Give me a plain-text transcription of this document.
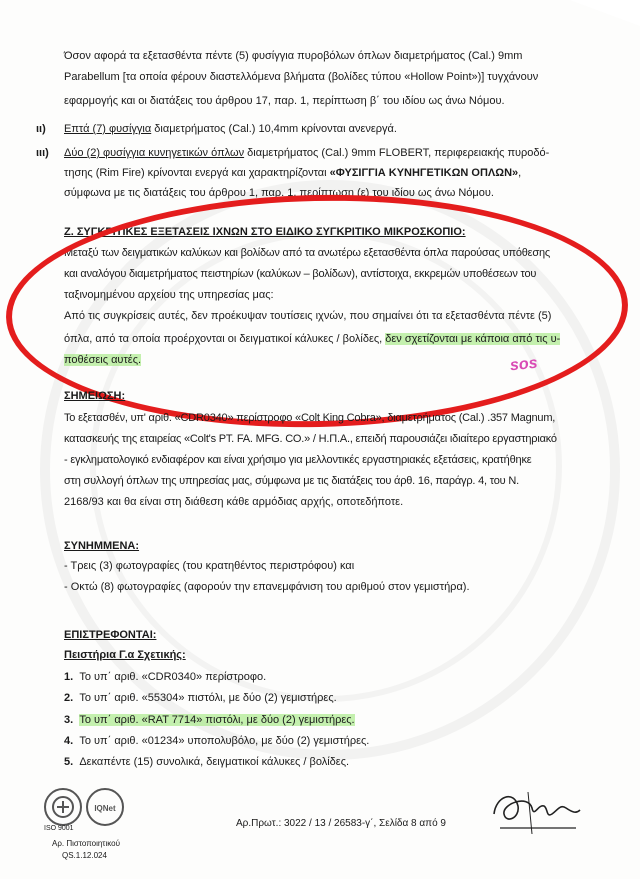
Όσον αφορά τα εξετασθέντα πέντε (5) φυσίγγια πυροβόλων όπλων διαμετρήματος (Cal.) 9mm
Parabellum [τα οποία φέρουν διαστελλόμενα βλήματα (βολίδες τύπου «Hollow Point»)] τυγχάνουν
εφαρμογής και οι διατάξεις του άρθρου 17, παρ. 1, περίπτωση β΄ του ιδίου ως άνω Νόμου.
ιι) Επτά (7) φυσίγγια διαμετρήματος (Cal.) 10,4mm κρίνονται ανενεργά.
ιιι) Δύο (2) φυσίγγια κυνηγετικών όπλων διαμετρήματος (Cal.) 9mm FLOBERT, περιφερειακής πυροδό-
τησης (Rim Fire) κρίνονται ενεργά και χαρακτηρίζονται «ΦΥΣΙΓΓΙΑ ΚΥΝΗΓΕΤΙΚΩΝ ΟΠΛΩΝ»,
σύμφωνα με τις διατάξεις του άρθρου 1, παρ. 1, περίπτωση (ε) του ιδίου ως άνω Νόμου.
Ζ. ΣΥΓΚΡΙΤΙΚΕΣ ΕΞΕΤΑΣΕΙΣ ΙΧΝΩΝ ΣΤΟ ΕΙΔΙΚΟ ΣΥΓΚΡΙΤΙΚΟ ΜΙΚΡΟΣΚΟΠΙΟ:
Μεταξύ των δειγματικών καλύκων και βολίδων από τα ανωτέρω εξετασθέντα όπλα παρούσας υπόθεσης
και αναλόγου διαμετρήματος πειστηρίων (καλύκων – βολίδων), αντίστοιχα, εκκρεμών υποθέσεων του
ταξινομημένου αρχείου της υπηρεσίας μας:
Από τις συγκρίσεις αυτές, δεν προέκυψαν τουτίσεις ιχνών, που σημαίνει ότι τα εξετασθέντα πέντε (5)
όπλα, από τα οποία προέρχονται οι δειγματικοί κάλυκες / βολίδες, δεν σχετίζονται με κάποια από τις υ-
ποθέσεις αυτές.	sos
ΣΗΜΕΙΩΣΗ:
Το εξετασθέν, υπ' αριθ. «CDR0340» περίστροφο «Colt King Cobra», διαμετρήματος (Cal.) .357 Magnum,
κατασκευής της εταιρείας «Colt's PT. FA. MFG. CO.» / Η.Π.Α., επειδή παρουσιάζει ιδιαίτερο εργαστηριακό
- εγκληματολογικό ενδιαφέρον και είναι χρήσιμο για μελλοντικές εργαστηριακές εξετάσεις, κρατήθηκε
στη συλλογή όπλων της υπηρεσίας μας, σύμφωνα με τις διατάξεις του άρθ. 16, παράγρ. 4, του Ν.
2168/93 και θα είναι στη διάθεση κάθε αρμόδιας αρχής, οποτεδήποτε.
ΣΥΝΗΜΜΕΝΑ:
- Τρεις (3) φωτογραφίες (του κρατηθέντος περιστρόφου) και
- Οκτώ (8) φωτογραφίες (αφορούν την επανεμφάνιση του αριθμού στον γεμιστήρα).
ΕΠΙΣΤΡΕΦΟΝΤΑΙ:
Πειστήρια Γ.α Σχετικής:
1. Το υπ΄ αριθ. «CDR0340» περίστροφο.
2. Το υπ΄ αριθ. «55304» πιστόλι, με δύο (2) γεμιστήρες.
3. Το υπ΄ αριθ. «RAT 7714» πιστόλι, με δύο (2) γεμιστήρες.
4. Το υπ΄ αριθ. «01234» υποπολυβόλο, με δύο (2) γεμιστήρες.
5. Δεκαπέντε (15) συνολικά, δειγματικοί κάλυκες / βολίδες.
ISO 9001
IQNet
Αρ. Πιστοποιητικού
QS.1.12.024
Αρ.Πρωτ.: 3022 / 13 / 26583-γ΄, Σελίδα 8 από 9
